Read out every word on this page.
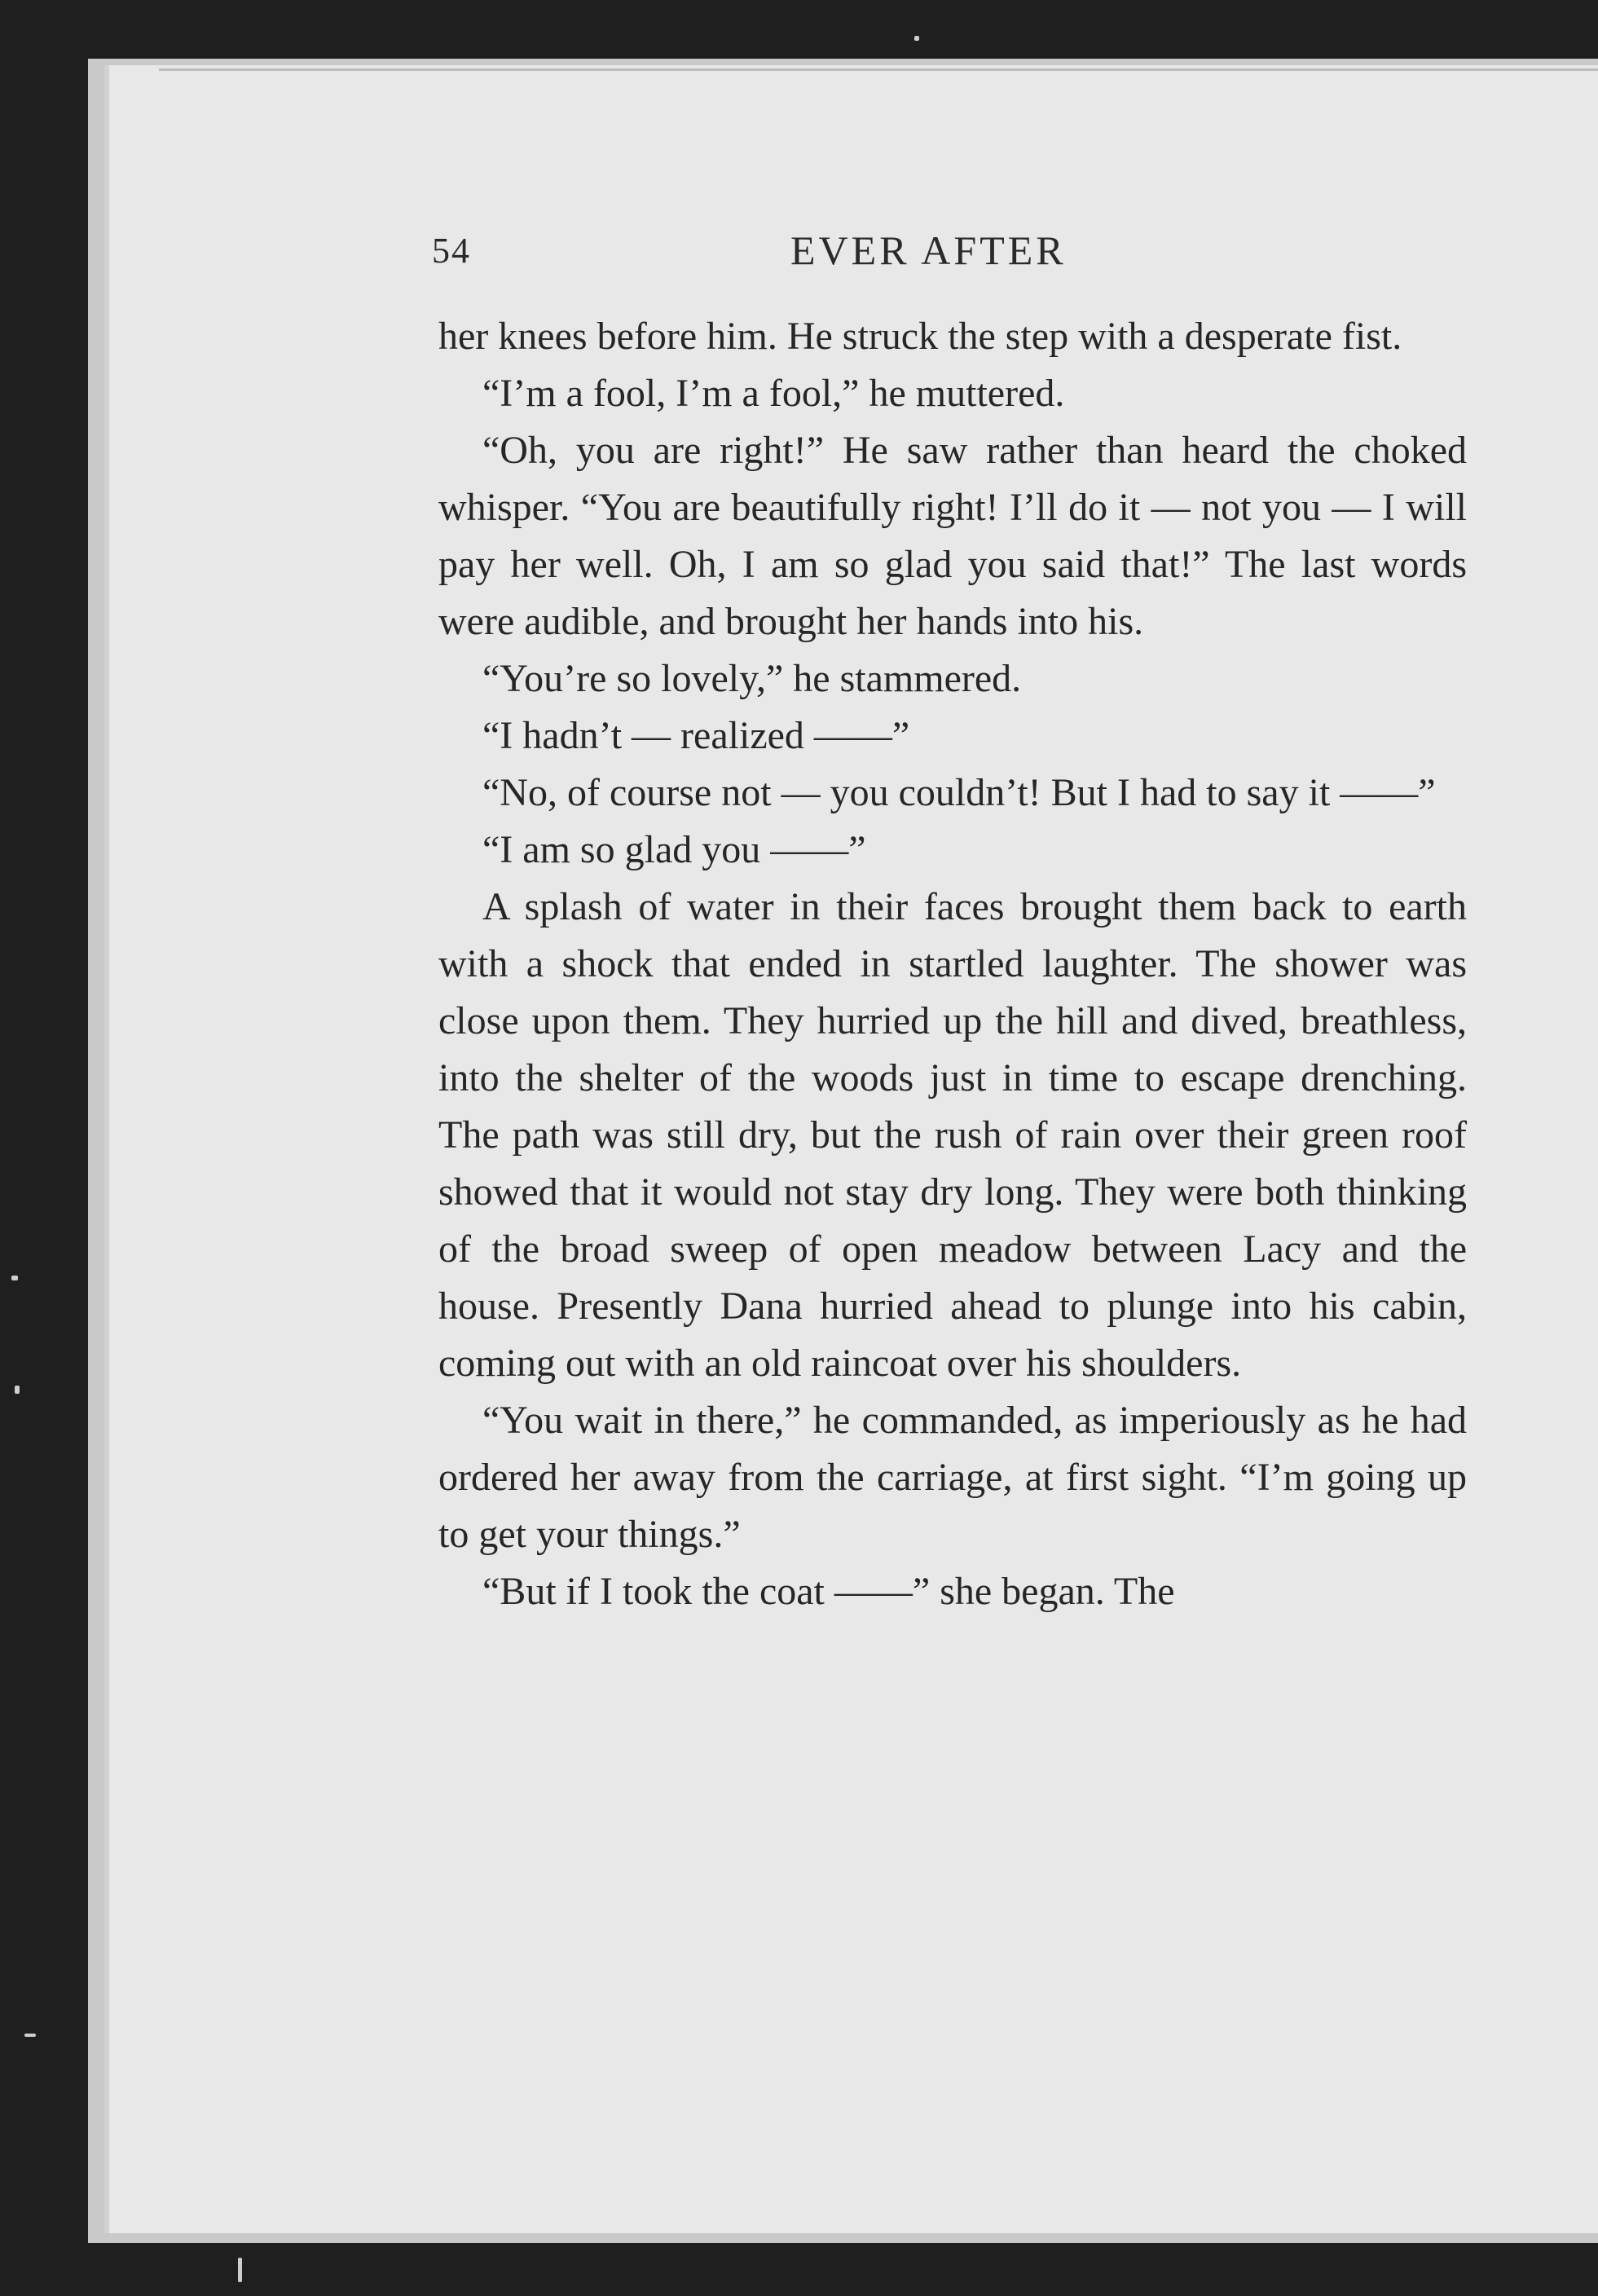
54	EVER AFTER

her knees before him. He struck the step with a desperate fist.

“I’m a fool, I’m a fool,” he muttered.

“Oh, you are right!” He saw rather than heard the choked whisper. “You are beautifully right! I’ll do it — not you — I will pay her well. Oh, I am so glad you said that!” The last words were audible, and brought her hands into his.

“You’re so lovely,” he stammered.

“I hadn’t — realized ——”

“No, of course not — you couldn’t! But I had to say it ——”

“I am so glad you ——”

A splash of water in their faces brought them back to earth with a shock that ended in startled laughter. The shower was close upon them. They hurried up the hill and dived, breathless, into the shelter of the woods just in time to escape drenching. The path was still dry, but the rush of rain over their green roof showed that it would not stay dry long. They were both thinking of the broad sweep of open meadow between Lacy and the house. Presently Dana hurried ahead to plunge into his cabin, coming out with an old raincoat over his shoulders.

“You wait in there,” he commanded, as imperiously as he had ordered her away from the carriage, at first sight. “I’m going up to get your things.”

“But if I took the coat ——” she began. The
